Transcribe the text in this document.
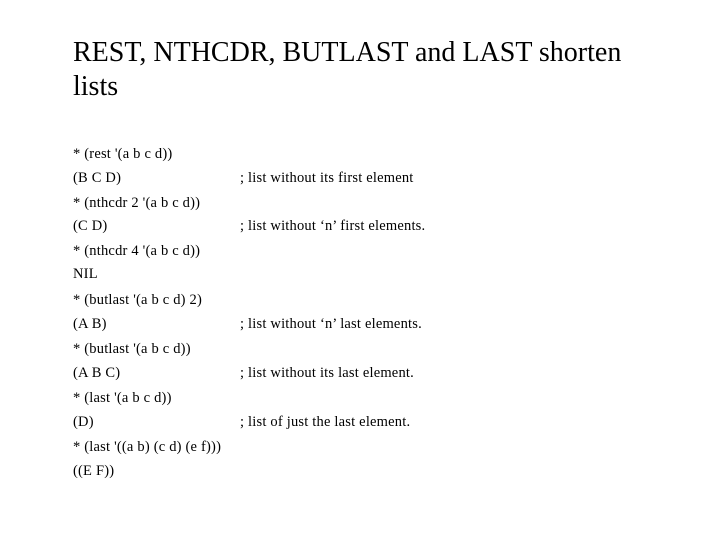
REST, NTHCDR, BUTLAST and LAST shorten lists
* (rest '(a b c d))
(B C D)	; list without its first element
* (nthcdr 2 '(a b c d))
(C D)	; list without ‘n’ first elements.
* (nthcdr 4 '(a b c d))
NIL
* (butlast '(a b c d) 2)
(A B)	; list without ‘n’ last elements.
* (butlast '(a b c d))
(A B C)	; list without its last element.
* (last '(a b c d))
(D)	; list of just the last element.
* (last '((a b) (c d) (e f)))
((E F))
